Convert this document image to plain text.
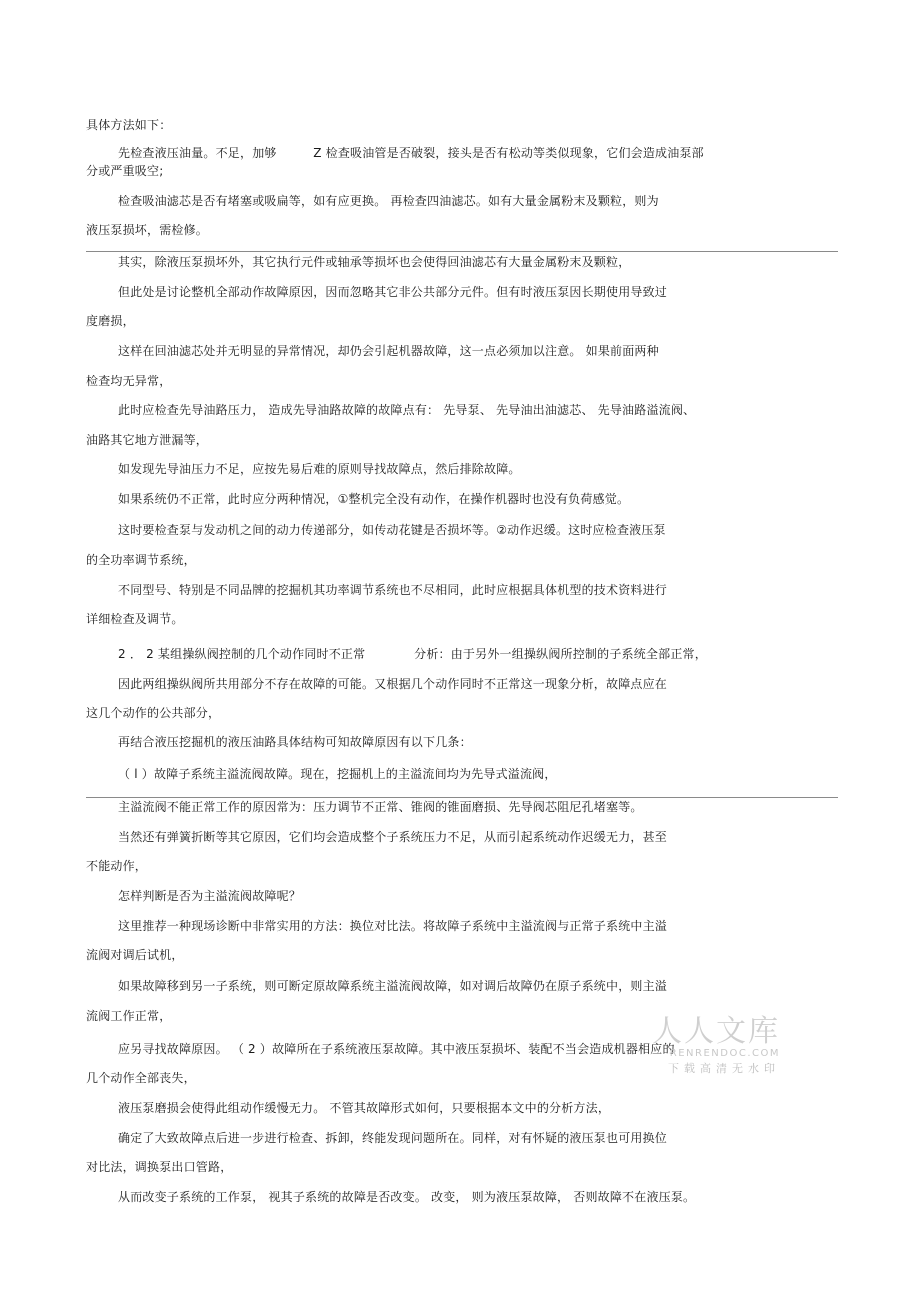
具体方法如下：
先检查液压油量。不足，加够　　　Z 检查吸油管是否破裂，接头是否有松动等类似现象，它们会造成油泵部
分或严重吸空;
检查吸油滤芯是否有堵塞或吸扁等，如有应更换。 再检查四油滤芯。如有大量金属粉末及颗粒，则为
液压泵损坏，需检修。
其实，除液压泵损坏外，其它执行元件或轴承等损坏也会使得回油滤芯有大量金属粉末及颗粒，
但此处是讨论整机全部动作故障原因，因而忽略其它非公共部分元件。但有时液压泵因长期使用导致过
度磨损，
这样在回油滤芯处并无明显的异常情况，却仍会引起机器故障，这一点必须加以注意。 如果前面两种
检查均无异常，
此时应检查先导油路压力， 造成先导油路故障的故障点有： 先导泵、 先导油出油滤芯、 先导油路溢流阀、
油路其它地方泄漏等，
如发现先导油压力不足，应按先易后难的原则导找故障点，然后排除故障。
如果系统仍不正常，此时应分两种情况，①整机完全没有动作，在操作机器时也没有负荷感觉。
这时要检查泵与发动机之间的动力传递部分，如传动花键是否损坏等。②动作迟缓。这时应检查液压泵
的全功率调节系统，
不同型号、特别是不同品牌的挖掘机其功率调节系统也不尽相同，此时应根据具体机型的技术资料进行
详细检查及调节。
2 ． 2 某组操纵阀控制的几个动作同时不正常　　　　分析：由于另外一组操纵阀所控制的子系统全部正常，
因此两组操纵阀所共用部分不存在故障的可能。又根据几个动作同时不正常这一现象分析，故障点应在
这几个动作的公共部分，
再结合液压挖掘机的液压油路具体结构可知故障原因有以下几条：
（ l ）故障子系统主溢流阀故障。现在，挖掘机上的主溢流间均为先导式溢流阀，
主溢流阀不能正常工作的原因常为：压力调节不正常、锥阀的锥面磨损、先导阀芯阻尼孔堵塞等。
当然还有弹簧折断等其它原因，它们均会造成整个子系统压力不足，从而引起系统动作迟缓无力，甚至
不能动作，
怎样判断是否为主溢流阀故障呢？
这里推荐一种现场诊断中非常实用的方法：换位对比法。将故障子系统中主溢流阀与正常子系统中主溢
流阀对调后试机，
如果故障移到另一子系统，则可断定原故障系统主溢流阀故障，如对调后故障仍在原子系统中，则主溢
流阀工作正常，
应另寻找故障原因。 （ 2 ）故障所在子系统液压泵故障。其中液压泵损坏、装配不当会造成机器相应的
几个动作全部丧失，
液压泵磨损会使得此组动作缓慢无力。 不管其故障形式如何，只要根据本文中的分析方法，
确定了大致故障点后进一步进行检查、拆卸，终能发现问题所在。同样，对有怀疑的液压泵也可用换位
对比法，调换泵出口管路，
从而改变子系统的工作泵， 视其子系统的故障是否改变。 改变， 则为液压泵故障， 否则故障不在液压泵。
人人文库
RENRENDOC.COM
下载高清无水印
